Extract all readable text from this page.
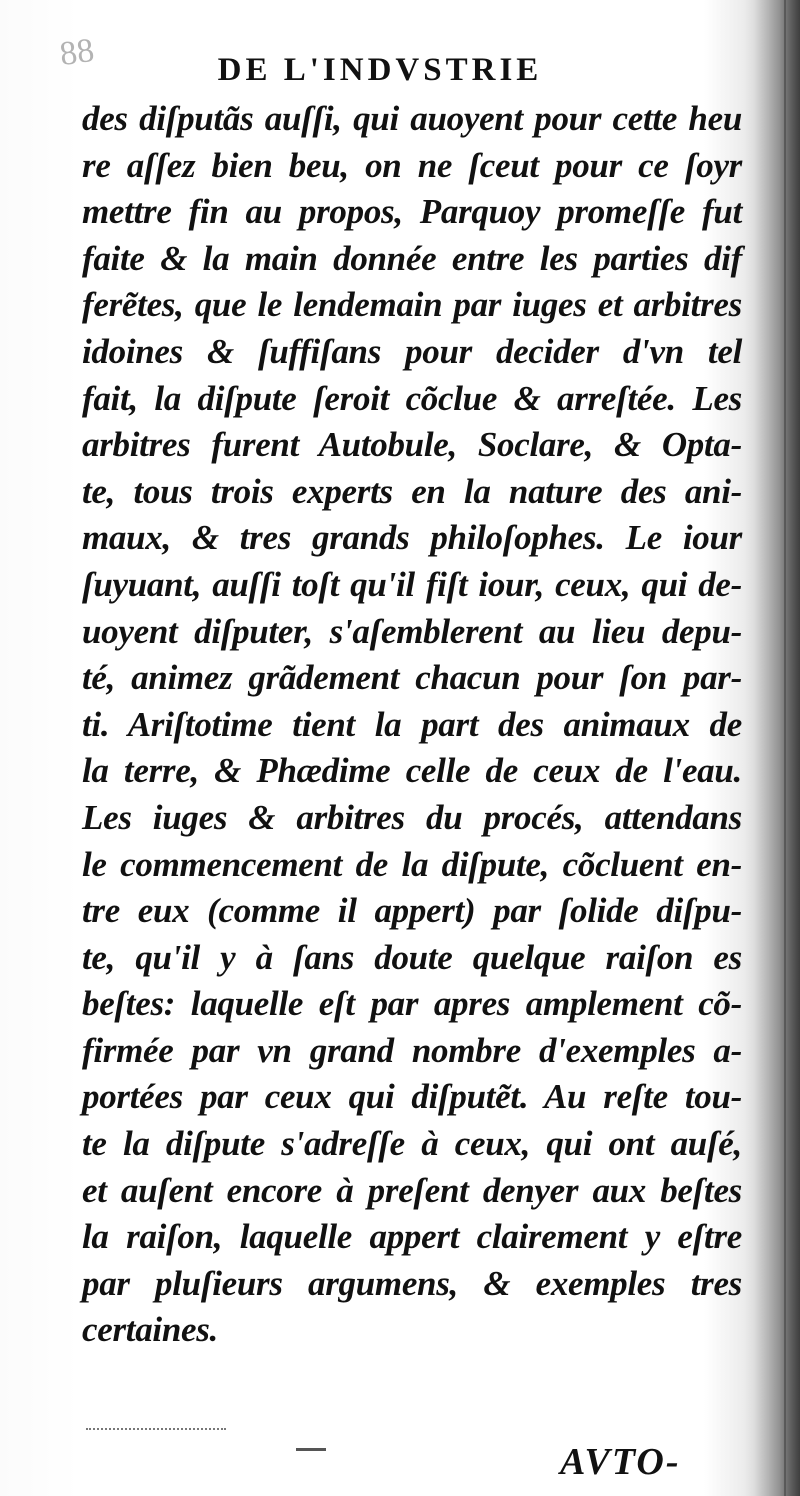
88	DE L'INDVSTRIE
des diſputãs auſſi, qui auoyent pour cette heu
re aſſez bien beu, on ne ſceut pour ce ſoyr
mettre fin au propos, Parquoy promeſſe fut
faite & la main donnée entre les parties dif
ferẽtes, que le lendemain par iuges et arbitres
idoines & ſuffiſans pour decider d'vn tel
fait, la diſpute ſeroit cõclue & arreſtée. Les
arbitres furent Autobule, Soclare, & Opta-
te, tous trois experts en la nature des ani-
maux, & tres grands philoſophes. Le iour
ſuyuant, auſſi toſt qu'il fiſt iour, ceux, qui de-
uoyent diſputer, s'aſemblerent au lieu depu-
té, animez grãdement chacun pour ſon par-
ti. Ariſtotime tient la part des animaux de
la terre, & Phædime celle de ceux de l'eau.
Les iuges & arbitres du procés, attendans
le commencement de la diſpute, cõcluent en-
tre eux (comme il appert) par ſolide diſpu-
te, qu'il y à ſans doute quelque raiſon es
beſtes: laquelle eſt par apres amplement cõ-
firmée par vn grand nombre d'exemples a-
portées par ceux qui diſputẽt. Au reſte tou-
te la diſpute s'adreſſe à ceux, qui ont auſé,
et auſent encore à preſent denyer aux beſtes
la raiſon, laquelle appert clairement y eſtre
par pluſieurs argumens, & exemples tres
certaines.
AVTO-
